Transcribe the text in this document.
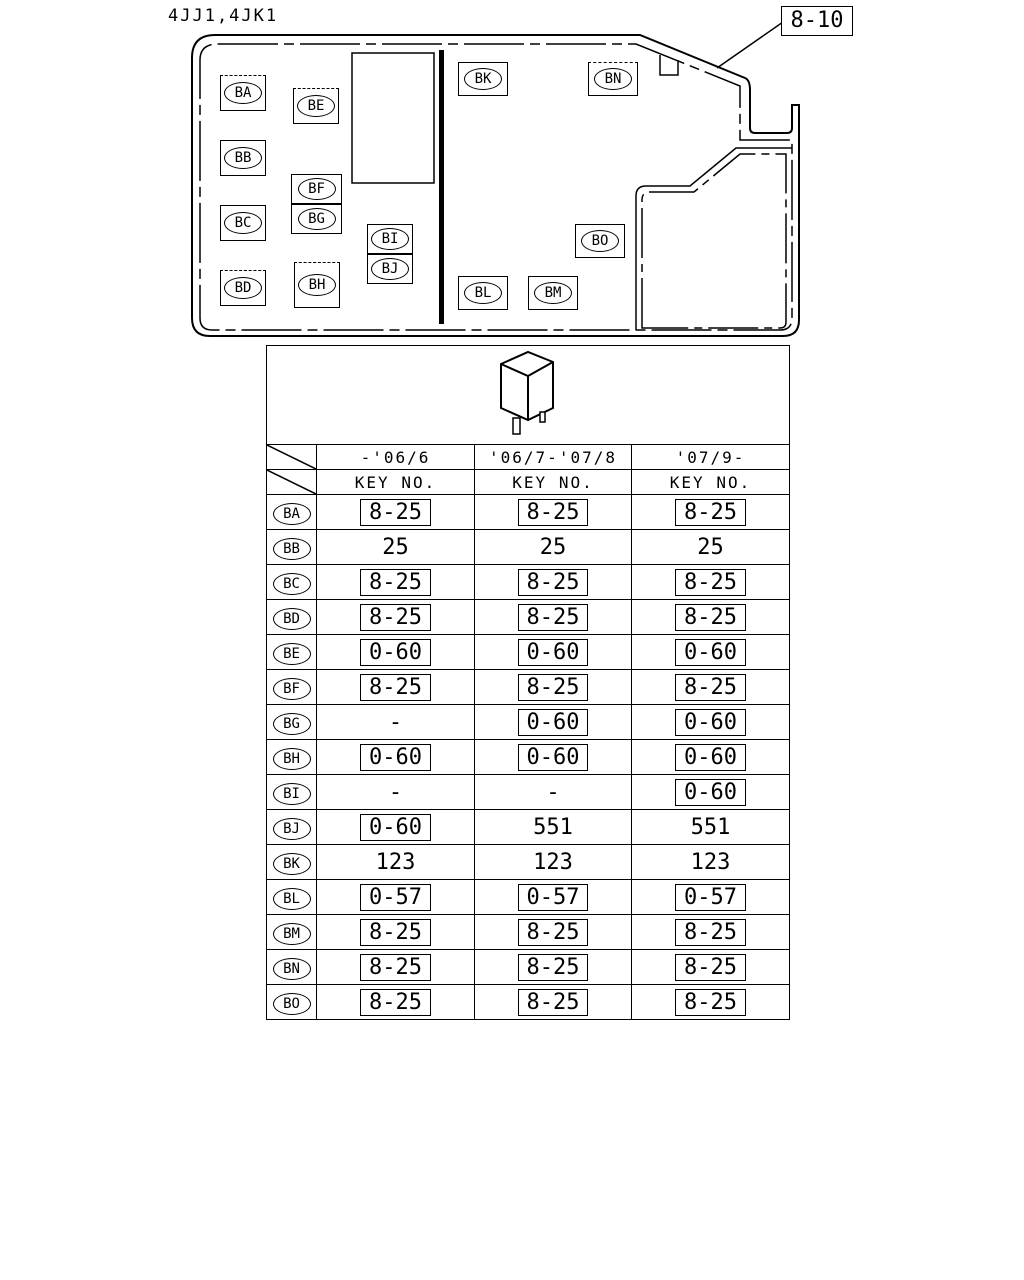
4JJ1,4JK1	8-10
BA
BB
BC
BD
BE
BF
BG
BH
BI
BJ
BK
BL	BM
BN
BO

	-'06/6	'06/7-'07/8	'07/9-

	KEY NO.	KEY NO.	KEY NO.
BA	8-25	8-25	8-25
BB	25	25	25
BC	8-25	8-25	8-25
BD	8-25	8-25	8-25
BE	0-60	0-60	0-60
BF	8-25	8-25	8-25
BG	-	0-60	0-60
BH	0-60	0-60	0-60
BI	-	-	0-60
BJ	0-60	551	551
BK	123	123	123
BL	0-57	0-57	0-57
BM	8-25	8-25	8-25
BN	8-25	8-25	8-25
BO	8-25	8-25	8-25
